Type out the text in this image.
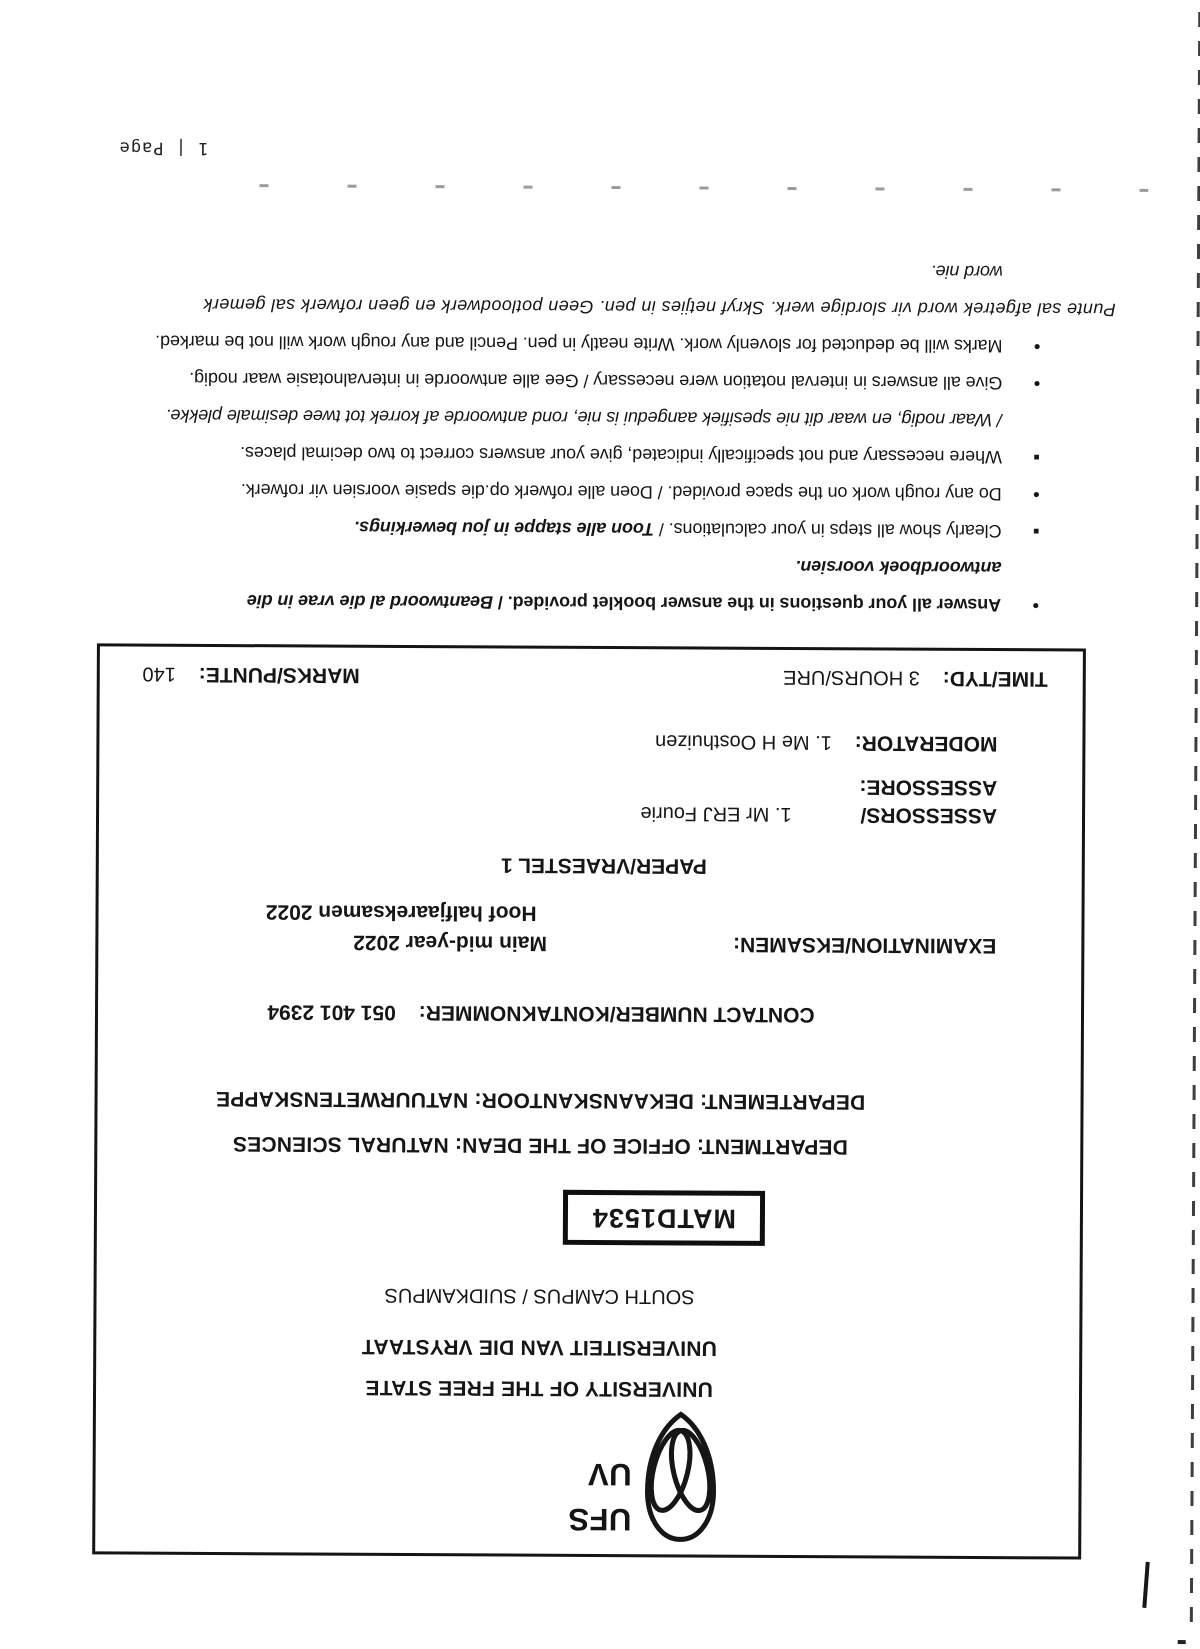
UFS
UV
UNIVERSITY OF THE FREE STATE
UNIVERSITEIT VAN DIE VRYSTAAT
SOUTH CAMPUS / SUIDKAMPUS
MATD1534
DEPARTMENT: OFFICE OF THE DEAN: NATURAL SCIENCES
DEPARTEMENT: DEKAANSKANTOOR: NATUURWETENSKAPPE
CONTACT NUMBER/KONTAKNOMMER:  051 401 2394
EXAMINATION/EKSAMEN: Main mid-year 2022
Hoof halfjaareksamen 2022
PAPER/VRAESTEL 1
ASSESSORS/  1. Mr ERJ Fourie
ASSESSORE:
MODERATOR:  1. Me H Oosthuizen
TIME/TYD:  3 HOURS/URE
MARKS/PUNTE:  140
•
Answer all your questions in the answer booklet provided. / Beantwoord al die vrae in die
antwoordboek voorsien.
▪
Clearly show all steps in your calculations. / Toon alle stappe in jou bewerkings.
•
Do any rough work on the space provided. / Doen alle rofwerk op.die spasie voorsien vir rofwerk.
▪
Where necessary and not specifically indicated, give your answers correct to two decimal places.
/ Waar nodig, en waar dit nie spesifiek aangedui is nie, rond antwoorde af korrek tot twee desimale plekke.
•
Give all answers in interval notation were necessary / Gee alle antwoorde in intervalnotasie waar nodig.
•
Marks will be deducted for slovenly work. Write neatly in pen. Pencil and any rough work will not be marked.
Punte sal afgetrek word vir slordige werk. Skryf netjies in pen. Geen potloodwerk en geen rofwerk sal gemerk
word nie.
1 | Page
